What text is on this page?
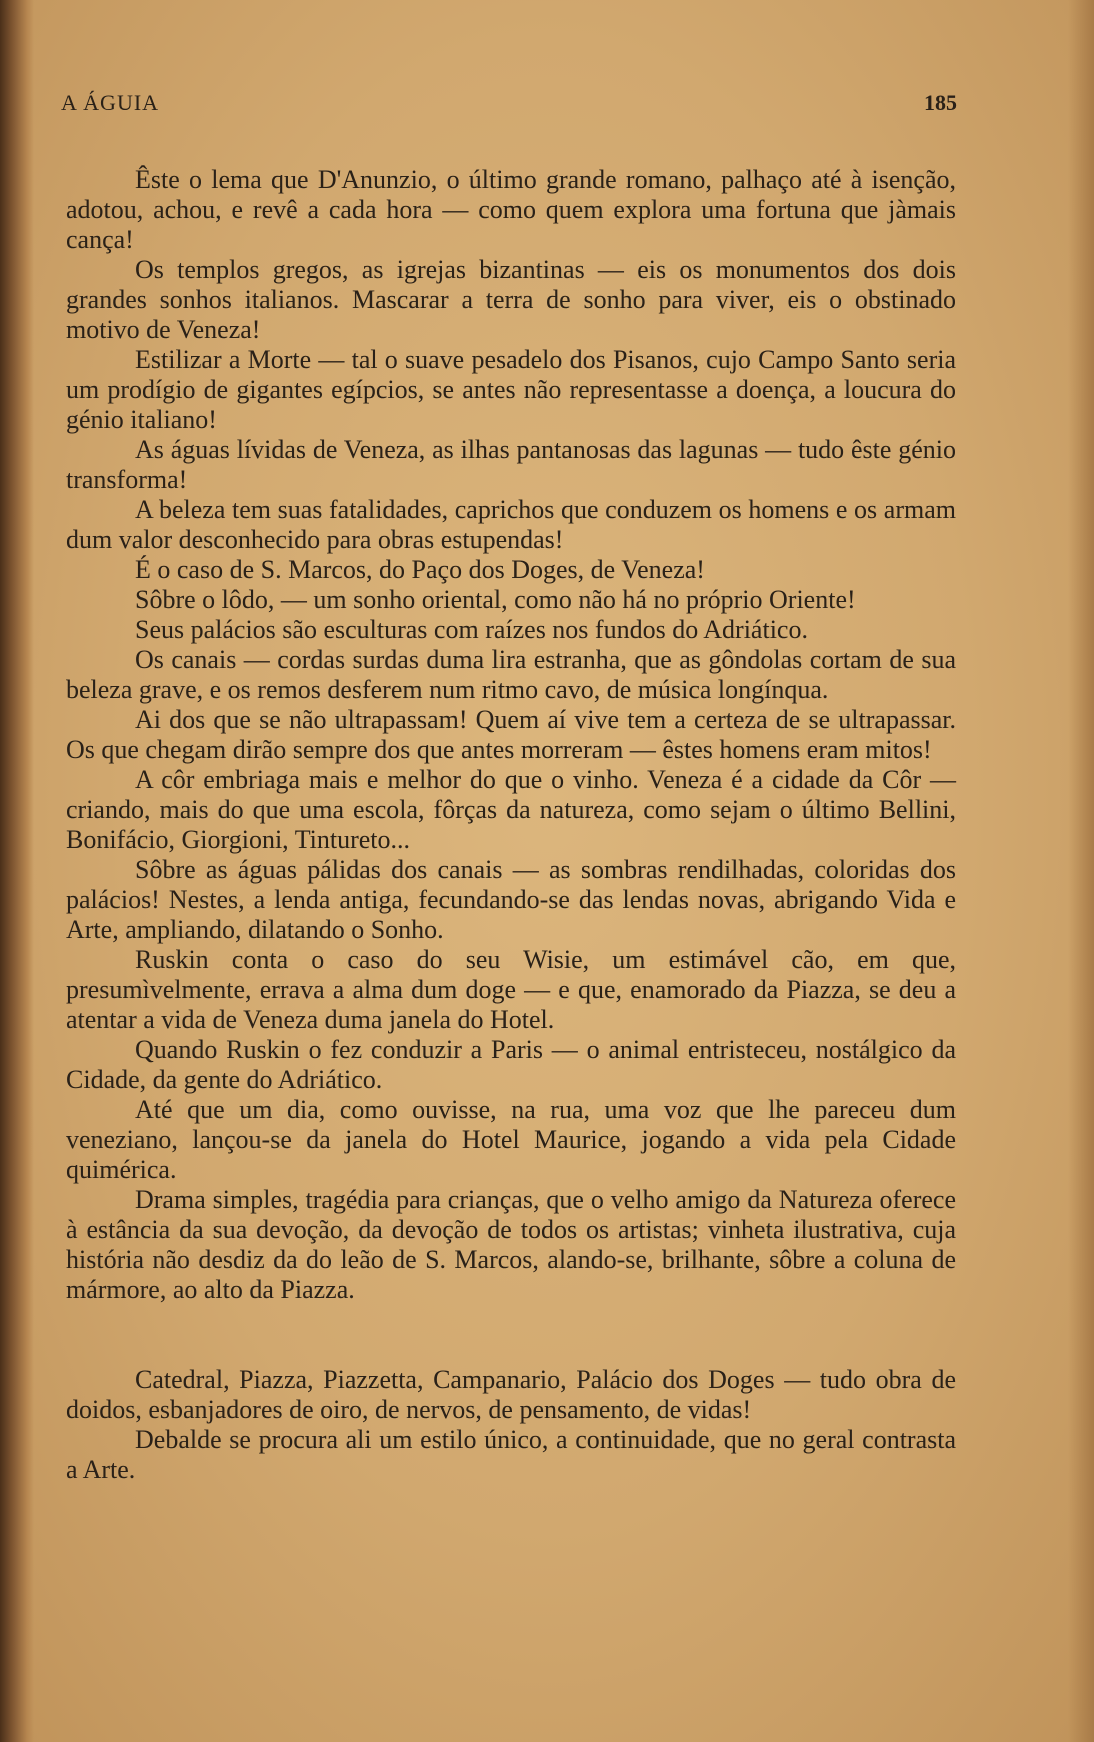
A ÁGUIA	185

Êste o lema que D'Anunzio, o último grande romano, palhaço até à isenção, adotou, achou, e revê a cada hora — como quem explora uma fortuna que jàmais cança!

Os templos gregos, as igrejas bizantinas — eis os monumentos dos dois grandes sonhos italianos. Mascarar a terra de sonho para viver, eis o obstinado motivo de Veneza!

Estilizar a Morte — tal o suave pesadelo dos Pisanos, cujo Campo Santo seria um prodígio de gigantes egípcios, se antes não representasse a doença, a loucura do génio italiano!

As águas lívidas de Veneza, as ilhas pantanosas das lagunas — tudo êste génio transforma!

A beleza tem suas fatalidades, caprichos que conduzem os homens e os armam dum valor desconhecido para obras estupendas!

É o caso de S. Marcos, do Paço dos Doges, de Veneza!

Sôbre o lôdo, — um sonho oriental, como não há no próprio Oriente!

Seus palácios são esculturas com raízes nos fundos do Adriático.

Os canais — cordas surdas duma lira estranha, que as gôndolas cortam de sua beleza grave, e os remos desferem num ritmo cavo, de música longínqua.

Ai dos que se não ultrapassam! Quem aí vive tem a certeza de se ultrapassar. Os que chegam dirão sempre dos que antes morreram — êstes homens eram mitos!

A côr embriaga mais e melhor do que o vinho. Veneza é a cidade da Côr — criando, mais do que uma escola, fôrças da natureza, como sejam o último Bellini, Bonifácio, Giorgioni, Tintureto...

Sôbre as águas pálidas dos canais — as sombras rendilhadas, coloridas dos palácios! Nestes, a lenda antiga, fecundando-se das lendas novas, abrigando Vida e Arte, ampliando, dilatando o Sonho.

Ruskin conta o caso do seu Wisie, um estimável cão, em que, presumìvelmente, errava a alma dum doge — e que, enamorado da Piazza, se deu a atentar a vida de Veneza duma janela do Hotel.

Quando Ruskin o fez conduzir a Paris — o animal entristeceu, nostálgico da Cidade, da gente do Adriático.

Até que um dia, como ouvisse, na rua, uma voz que lhe pareceu dum veneziano, lançou-se da janela do Hotel Maurice, jogando a vida pela Cidade quimérica.

Drama simples, tragédia para crianças, que o velho amigo da Natureza oferece à estância da sua devoção, da devoção de todos os artistas; vinheta ilustrativa, cuja história não desdiz da do leão de S. Marcos, alando-se, brilhante, sôbre a coluna de mármore, ao alto da Piazza.

Catedral, Piazza, Piazzetta, Campanario, Palácio dos Doges — tudo obra de doidos, esbanjadores de oiro, de nervos, de pensamento, de vidas!

Debalde se procura ali um estilo único, a continuidade, que no geral contrasta a Arte.
